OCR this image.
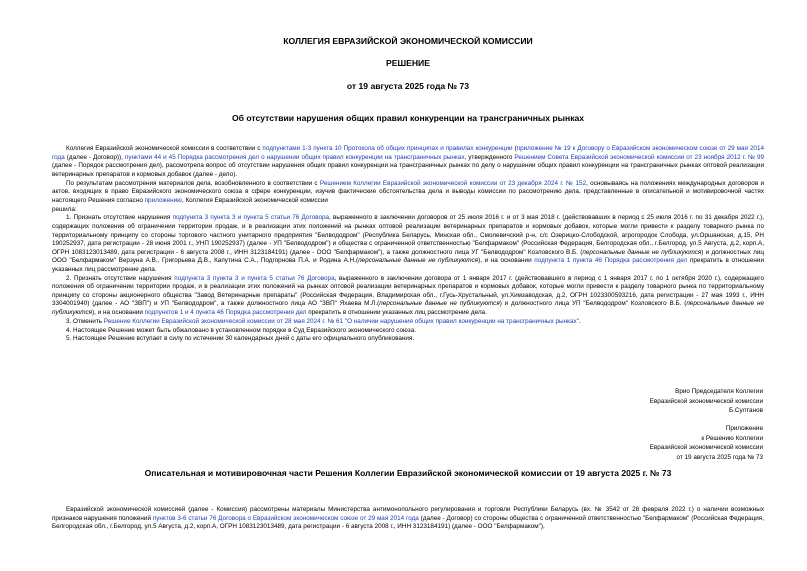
КОЛЛЕГИЯ ЕВРАЗИЙСКОЙ ЭКОНОМИЧЕСКОЙ КОМИССИИ
РЕШЕНИЕ
от 19 августа 2025 года № 73
Об отсутствии нарушения общих правил конкуренции на трансграничных рынках

Коллегия Евразийской экономической комиссии в соответствии с подпунктами 1-3 пункта 10 Протокола об общих принципах и правилах конкуренции (приложение № 19 к Договору о Евразийском экономическом союзе от 29 мая 2014 года (далее - Договор)), пунктами 44 и 45 Порядка рассмотрения дел о нарушении общих правил конкуренции на трансграничных рынках, утвержденного Решением Совета Евразийской экономической комиссии от 23 ноября 2012 г. № 99 (далее - Порядок рассмотрения дел), рассмотрела вопрос об отсутствии нарушения общих правил конкуренции на трансграничных рынках по делу о нарушении общих правил конкуренции на трансграничных рынках оптовой реализации ветеринарных препаратов и кормовых добавок (далее - дело).

По результатам рассмотрения материалов дела, возобновленного в соответствии с Решением Коллегии Евразийской экономической комиссии от 23 декабря 2024 г. № 152, основываясь на положениях международных договоров и актов, входящих в право Евразийского экономического союза в сфере конкуренции, изучив фактические обстоятельства дела и выводы комиссии по рассмотрению дела, представленные в описательной и мотивировочной частях настоящего Решения согласно приложению, Коллегия Евразийской экономической комиссии

решила:

1. Признать отсутствие нарушения подпункта 3 пункта 3 и пункта 5 статьи 76 Договора, выраженного в заключении договоров от 25 июля 2016 г. и от 3 мая 2018 г. (действовавших в период с 25 июля 2016 г. по 31 декабря 2022 г.), содержащих положения об ограничении территории продаж, и в реализации этих положений на рынках оптовой реализации ветеринарных препаратов и кормовых добавок, которые могли привести к разделу товарного рынка по территориальному принципу со стороны торгового частного унитарного предприятия "Белвододром" (Республика Беларусь, Минская обл., Смолевичский р-н, с/с Озерицко-Слободской, агрогородок Слобода, ул.Оршанская, д.15, РН 190252937, дата регистрации - 28 июня 2001 г., УНП 190252937) (далее - УП "Белвододром") и общества с ограниченной ответственностью "Белфармаком" (Российская Федерация, Белгородская обл., г.Белгород, ул.5 Августа, д.2, корп.А, ОГРН 1083123013489, дата регистрации - 6 августа 2008 г., ИНН 3123184191) (далее - ООО "Белфармаком"), а также должностного лица УГ "Белвододром" Козловского В.Б. (персональные данные не публикуются) и должностных лиц ООО "Белфармаком" Верзуна А.В., Григорьева Д.В., Капутина С.А., Подгорнова П.А. и Родина А.Н.(персональные данные не публикуются), и на основании подпункта 1 пункта 46 Порядка рассмотрения дел прекратить в отношении указанных лиц рассмотрение дела.

2. Признать отсутствие нарушения подпункта 3 пункта 3 и пункта 5 статьи 76 Договора, выраженного в заключении договора от 1 января 2017 г. (действовавшего в период с 1 января 2017 г. по 1 октября 2020 г.), содержащего положения об ограничении территории продаж, и в реализации этих положений на рынках оптовой реализации ветеринарных препаратов и кормовых добавок, которые могли привести к разделу товарного рынка по территориальному принципу со стороны акционерного общества "Завод Ветеринарные препараты" (Российская Федерация, Владимирская обл., г.Гусь-Хрустальный, ул.Химзаводская, д.2, ОГРН 1023300593216, дата регистрации - 27 мая 1993 г., ИНН 3304001940) (далее - АО "ЗВП") и УП "Белвододром", а также должностного лица АО "ЗВП" Яхаева М.Л.(персональные данные не публикуются) и должностного лица УП "Белвододром" Козловского В.Б. (персональные данные не публикуются), и на основании подпунктов 1 и 4 пункта 46 Порядка рассмотрения дел прекратить в отношении указанных лиц рассмотрение дела.

3. Отменить Решение Коллегии Евразийской экономической комиссии от 28 мая 2024 г. № 61 "О наличии нарушения общих правил конкуренции на трансграничных рынках".

4. Настоящее Решение может быть обжаловано в установленном порядке в Суд Евразийского экономического союза.

5. Настоящее Решение вступает в силу по истечении 30 календарных дней с даты его официального опубликования.

Врио Председателя Коллегии
Евразийской экономической комиссии
Б.Султанов
Приложение
к Решению Коллегии
Евразийской экономической комиссии
от 19 августа 2025 года № 73
Описательная и мотивировочная части Решения Коллегии Евразийской экономической комиссии от 19 августа 2025 г. № 73

Евразийской экономической комиссией (далее - Комиссия) рассмотрены материалы Министерства антимонопольного регулирования и торговли Республики Беларусь (вх. № 3542 от 28 февраля 2022 г.) о наличии возможных признаков нарушения положений пунктов 3-6 статьи 76 Договора о Евразийском экономическом союзе от 29 мая 2014 года (далее - Договор) со стороны общества с ограниченной ответственностью "Белфармаком" (Российская Федерация, Белгородская обл., г.Белгород, ул.5 Августа, д.2, корп.А, ОГРН 1083123013489, дата регистрации - 6 августа 2008 г., ИНН 3123184191) (далее - ООО "Белфармаком"),
